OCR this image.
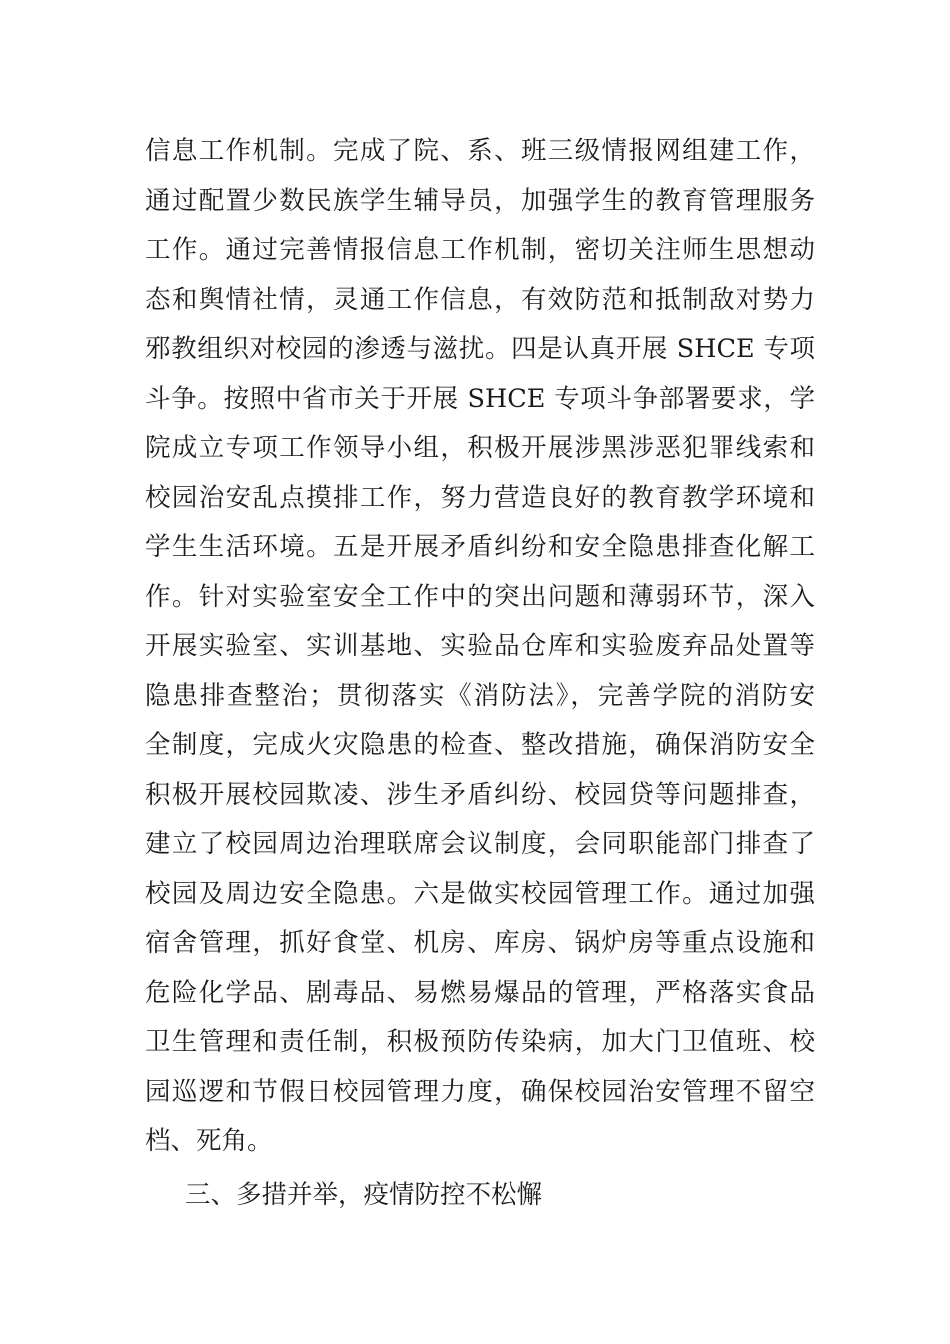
信息工作机制。完成了院、系、班三级情报网组建工作，
通过配置少数民族学生辅导员，加强学生的教育管理服务
工作。通过完善情报信息工作机制，密切关注师生思想动
态和舆情社情，灵通工作信息，有效防范和抵制敌对势力
邪教组织对校园的渗透与滋扰。四是认真开展 SHCE 专项
斗争。按照中省市关于开展 SHCE 专项斗争部署要求，学
院成立专项工作领导小组，积极开展涉黑涉恶犯罪线索和
校园治安乱点摸排工作，努力营造良好的教育教学环境和
学生生活环境。五是开展矛盾纠纷和安全隐患排查化解工
作。针对实验室安全工作中的突出问题和薄弱环节，深入
开展实验室、实训基地、实验品仓库和实验废弃品处置等
隐患排查整治；贯彻落实《消防法》，完善学院的消防安
全制度，完成火灾隐患的检查、整改措施，确保消防安全
积极开展校园欺凌、涉生矛盾纠纷、校园贷等问题排查，
建立了校园周边治理联席会议制度，会同职能部门排查了
校园及周边安全隐患。六是做实校园管理工作。通过加强
宿舍管理，抓好食堂、机房、库房、锅炉房等重点设施和
危险化学品、剧毒品、易燃易爆品的管理，严格落实食品
卫生管理和责任制，积极预防传染病，加大门卫值班、校
园巡逻和节假日校园管理力度，确保校园治安管理不留空
档、死角。
三、多措并举，疫情防控不松懈
